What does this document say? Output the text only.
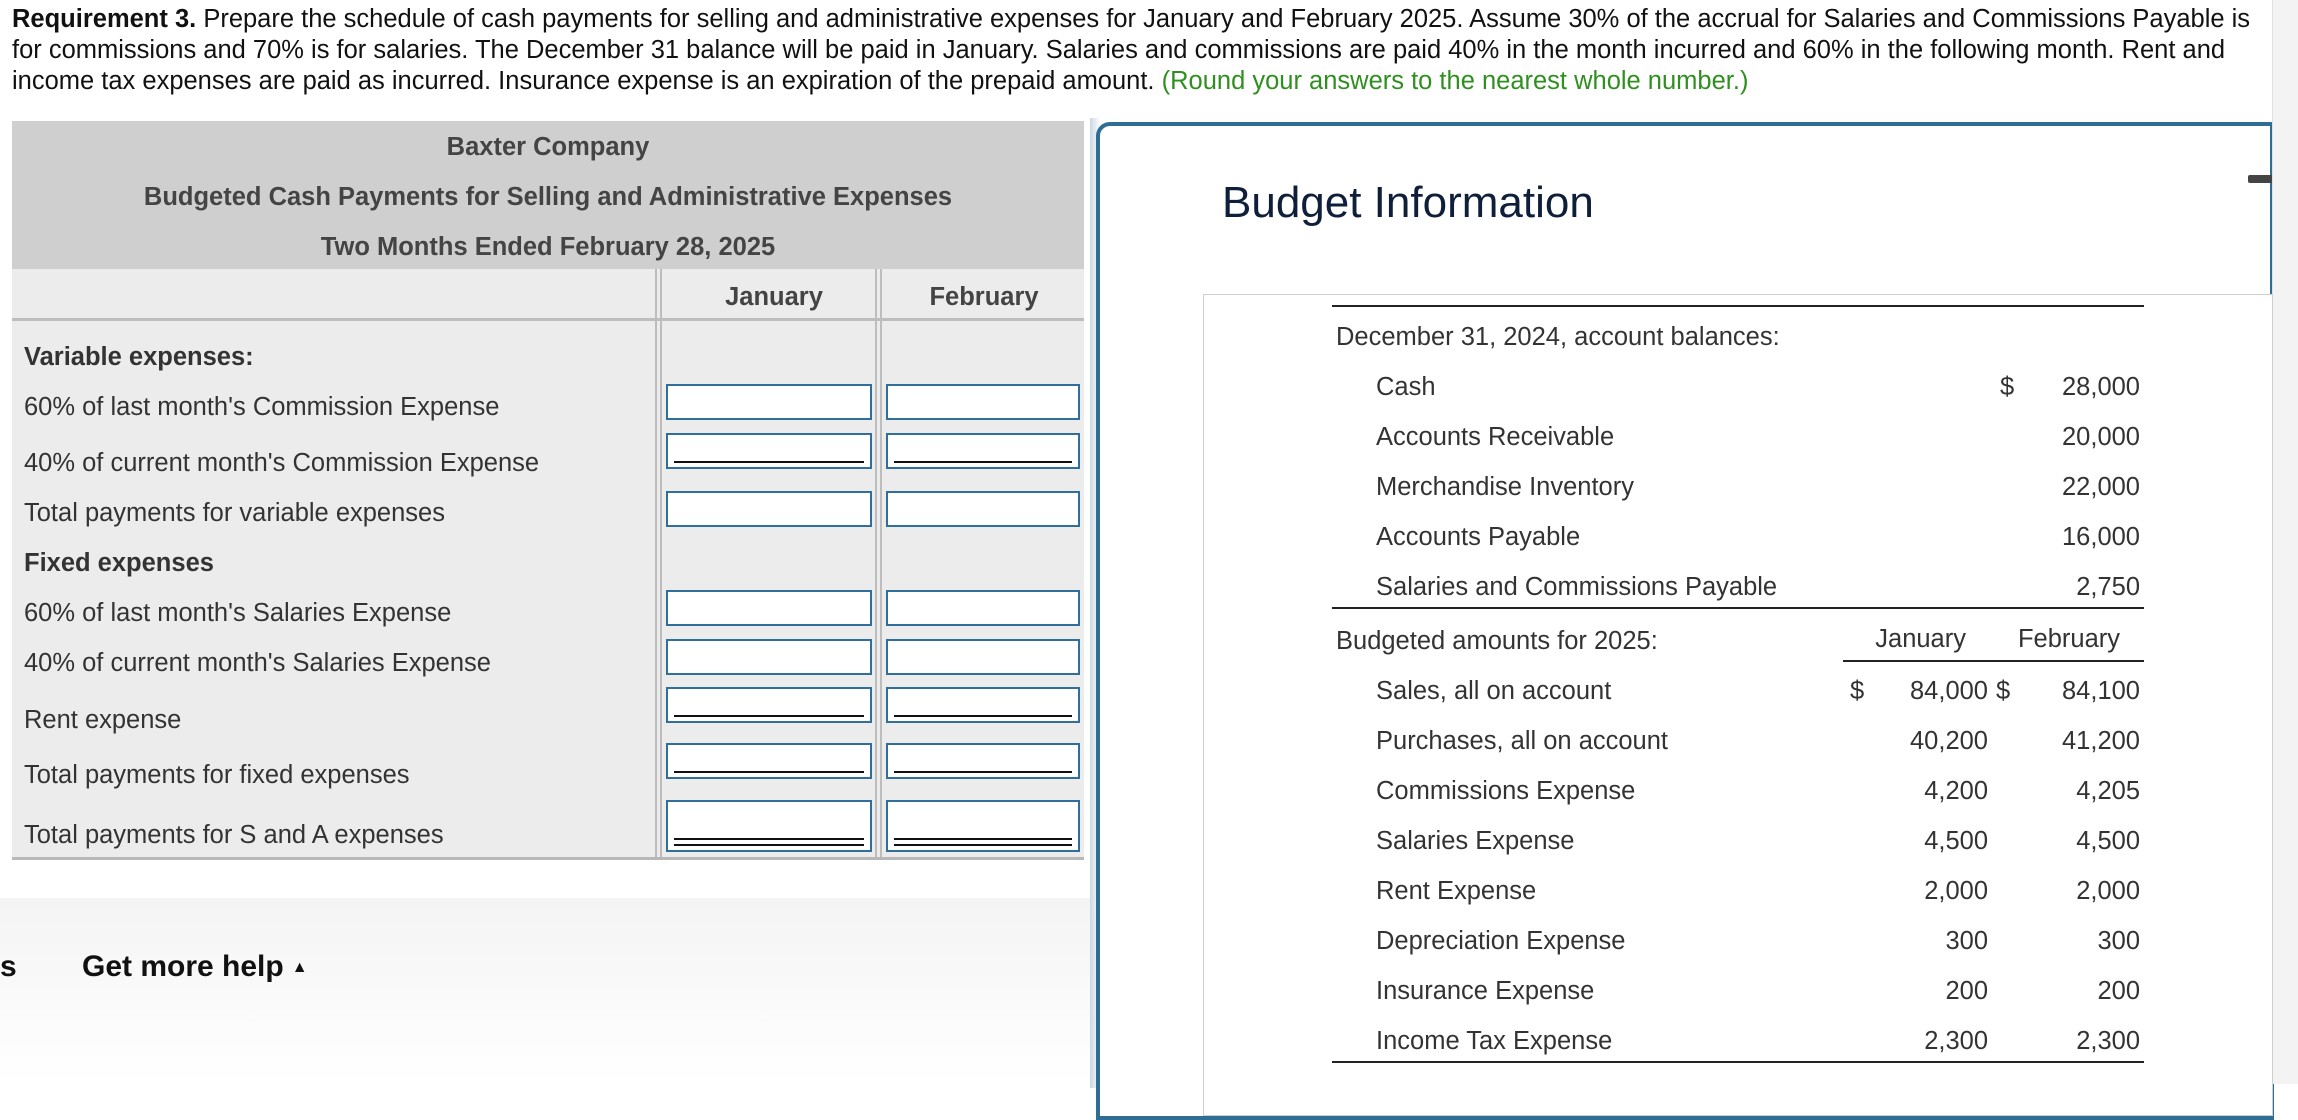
Requirement 3. Prepare the schedule of cash payments for selling and administrative expenses for January and February 2025. Assume 30% of the accrual for Salaries and Commissions Payable is for commissions and 70% is for salaries. The December 31 balance will be paid in January. Salaries and commissions are paid 40% in the month incurred and 60% in the following month. Rent and income tax expenses are paid as incurred. Insurance expense is an expiration of the prepaid amount. (Round your answers to the nearest whole number.)
Baxter Company
Budgeted Cash Payments for Selling and Administrative Expenses
Two Months Ended February 28, 2025
January	February
Variable expenses:
60% of last month's Commission Expense
40% of current month's Commission Expense
Total payments for variable expenses
Fixed expenses
60% of last month's Salaries Expense
40% of current month's Salaries Expense
Rent expense
Total payments for fixed expenses
Total payments for S and A expenses
s Get more help ▲
Budget Information
December 31, 2024, account balances:
Cash	$	28,000
Accounts Receivable	20,000
Merchandise Inventory	22,000
Accounts Payable	16,000
Salaries and Commissions Payable	2,750
Budgeted amounts for 2025:	January	February
Sales, all on account	$	84,000 $	84,100
Purchases, all on account	40,200	41,200
Commissions Expense	4,200	4,205
Salaries Expense	4,500	4,500
Rent Expense	2,000	2,000
Depreciation Expense	300	300
Insurance Expense	200	200
Income Tax Expense	2,300	2,300
